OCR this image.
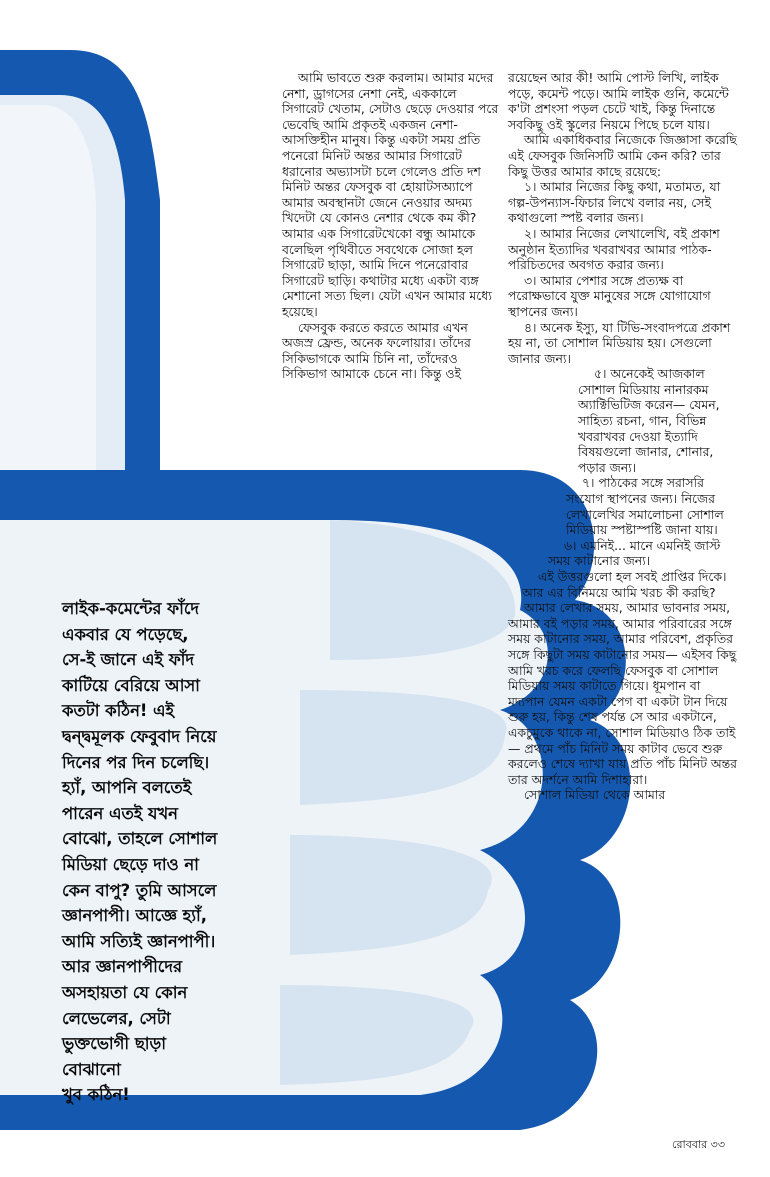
আমি ভাবতে শুরু করলাম। আমার মদের নেশা, ড্রাগসের নেশা নেই, এককালে সিগারেট খেতাম, সেটাও ছেড়ে দেওয়ার পরে ভেবেছি আমি প্রকৃতই একজন নেশা-আসক্তিহীন মানুষ। কিন্তু একটা সময় প্রতি পনেরো মিনিট অন্তর আমার সিগারেট ধরানোর অভ্যাসটা চলে গেলেও প্রতি দশ মিনিট অন্তর ফেসবুক বা হোয়াটসঅ্যাপে আমার অবস্থানটা জেনে নেওয়ার অদম্য খিদেটা যে কোনও নেশার থেকে কম কী? আমার এক সিগারেটখেকো বন্ধু আমাকে বলেছিল পৃথিবীতে সবথেকে সোজা হল সিগারেট ছাড়া, আমি দিনে পনেরোবার সিগারেট ছাড়ি। কথাটার মধ্যে একটা ব্যঙ্গ মেশানো সত্য ছিল। যেটা এখন আমার মধ্যে হয়েছে।

ফেসবুক করতে করতে আমার এখন অজস্র ফ্রেন্ড, অনেক ফলোয়ার। তাঁদের সিকিভাগকে আমি চিনি না, তাঁদেরও সিকিভাগ আমাকে চেনে না। কিন্তু ওই

রয়েছেন আর কী! আমি পোস্ট লিখি, লাইক পড়ে, কমেন্ট পড়ে। আমি লাইক গুনি, কমেন্টে ক'টা প্রশংসা পড়ল চেটে খাই, কিন্তু দিনান্তে সবকিছু ওই স্কুলের নিয়মে পিছে চলে যায়।

আমি একাধিকবার নিজেকে জিজ্ঞাসা করেছি এই ফেসবুক জিনিসটি আমি কেন করি? তার কিছু উত্তর আমার কাছে রয়েছে:

১। আমার নিজের কিছু কথা, মতামত, যা গল্প-উপন্যাস-ফিচার লিখে বলার নয়, সেই কথাগুলো স্পষ্ট বলার জন্য।

২। আমার নিজের লেখালেখি, বই প্রকাশ অনুষ্ঠান ইত্যাদির খবরাখবর আমার পাঠক-পরিচিতদের অবগত করার জন্য।

৩। আমার পেশার সঙ্গে প্রত্যক্ষ বা পরোক্ষভাবে যুক্ত মানুষের সঙ্গে যোগাযোগ স্থাপনের জন্য।

৪। অনেক ইস্যু, যা টিভি-সংবাদপত্রে প্রকাশ হয় না, তা সোশাল মিডিয়ায় হয়। সেগুলো জানার জন্য।

৫। অনেকেই আজকাল সোশাল মিডিয়ায় নানারকম অ্যাক্টিভিটিজ করেন— যেমন, সাহিত্য রচনা, গান, বিভিন্ন খবরাখবর দেওয়া ইত্যাদি বিষয়গুলো জানার, শোনার, পড়ার জন্য।

৭। পাঠকের সঙ্গে সরাসরি সংযোগ স্থাপনের জন্য। নিজের লেখালেখির সমালোচনা সোশাল মিডিয়ায় স্পষ্টাস্পষ্টি জানা যায়।

৬। এমনিই... মানে এমনিই জাস্ট সময় কাটানোর জন্য।

এই উত্তরগুলো হল সবই প্রাপ্তির দিকে। আর এর বিনিময়ে আমি খরচ কী করছি?

আমার লেখার সময়, আমার ভাবনার সময়, আমার বই পড়ার সময়, আমার পরিবারের সঙ্গে সময় কাটানোর সময়, আমার পরিবেশ, প্রকৃতির সঙ্গে কিছুটা সময় কাটানোর সময়— এইসব কিছু আমি খরচ করে ফেলছি ফেসবুক বা সোশাল মিডিয়ায় সময় কাটাতে গিয়ে। ধূমপান বা মদ্যপান যেমন একটা পেগ বা একটা টান দিয়ে শুরু হয়, কিন্তু শেষ পর্যন্ত সে আর একটানে, একচুমুকে থাকে না, সোশাল মিডিয়াও ঠিক তাই— প্রথমে পাঁচ মিনিট সময় কাটাব ভেবে শুরু করলেও শেষে দ্যাখা যায় প্রতি পাঁচ মিনিট অন্তর তার অদর্শনে আমি দিশাহারা।

সোশাল মিডিয়া থেকে আমার

লাইক-কমেন্টের ফাঁদে
একবার যে পড়েছে,
সে-ই জানে এই ফাঁদ
কাটিয়ে বেরিয়ে আসা
কতটা কঠিন! এই
দ্বন্দ্বমূলক ফেবুবাদ নিয়ে
দিনের পর দিন চলেছি।
হ্যাঁ, আপনি বলতেই
পারেন এতই যখন
বোঝো, তাহলে সোশাল
মিডিয়া ছেড়ে দাও না
কেন বাপু? তুমি আসলে
জ্ঞানপাপী। আজ্ঞে হ্যাঁ,
আমি সত্যিই জ্ঞানপাপী।
আর জ্ঞানপাপীদের
অসহায়তা যে কোন
লেভেলের, সেটা
ভুক্তভোগী ছাড়া
বোঝানো
খুব কঠিন!
রোববার ৩৩
